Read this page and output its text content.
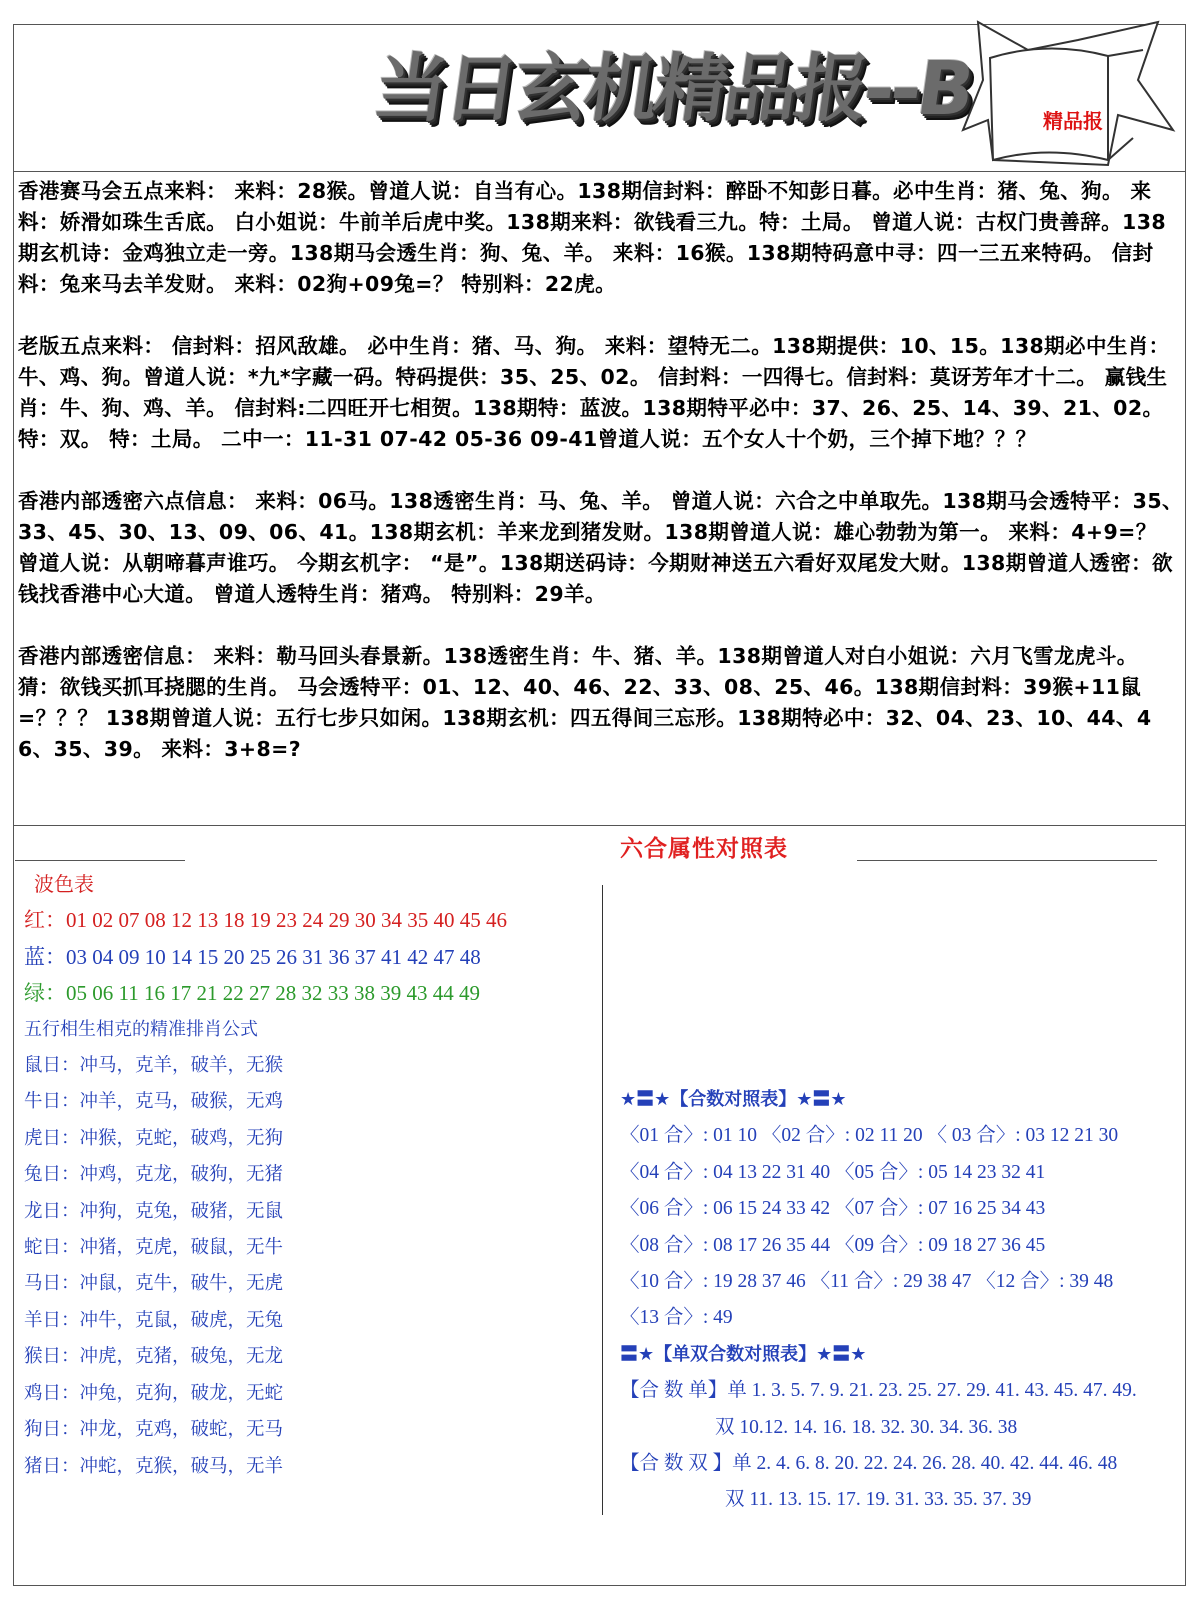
当日玄机精品报--B	精品报

香港赛马会五点来料： 来料：28猴。曾道人说：自当有心。138期信封料：醉卧不知彭日暮。必中生肖：猪、兔、狗。 来料：娇滑如珠生舌底。 白小姐说：牛前羊后虎中奖。138期来料：欲钱看三九。特：土局。 曾道人说：古权门贵善辞。138期玄机诗：金鸡独立走一旁。138期马会透生肖：狗、兔、羊。 来料：16猴。138期特码意中寻：四一三五来特码。 信封料：兔来马去羊发财。 来料：02狗+09兔=？ 特别料：22虎。

老版五点来料： 信封料：招风敌雄。 必中生肖：猪、马、狗。 来料：望特无二。138期提供：10、15。138期必中生肖：牛、鸡、狗。曾道人说：*九*字藏一码。特码提供：35、25、02。 信封料：一四得七。信封料：莫讶芳年才十二。 赢钱生肖：牛、狗、鸡、羊。 信封料:二四旺开七相贺。138期特：蓝波。138期特平必中：37、26、25、14、39、21、02。 特：双。 特：土局。 二中一：11-31 07-42 05-36 09-41曾道人说：五个女人十个奶，三个掉下地？？？

香港内部透密六点信息： 来料：06马。138透密生肖：马、兔、羊。 曾道人说：六合之中单取先。138期马会透特平：35、33、45、30、13、09、06、41。138期玄机：羊来龙到猪发财。138期曾道人说：雄心勃勃为第一。 来料：4+9=？ 曾道人说：从朝啼暮声谁巧。 今期玄机字： “是”。138期送码诗：今期财神送五六看好双尾发大财。138期曾道人透密：欲钱找香港中心大道。 曾道人透特生肖：猪鸡。 特别料：29羊。

香港内部透密信息： 来料：勒马回头春景新。138透密生肖：牛、猪、羊。138期曾道人对白小姐说：六月飞雪龙虎斗。 猜：欲钱买抓耳挠腮的生肖。 马会透特平：01、12、40、46、22、33、08、25、46。138期信封料：39猴+11鼠=？？？ 138期曾道人说：五行七步只如闲。138期玄机：四五得间三忘形。138期特必中：32、04、23、10、44、46、35、39。 来料：3+8=?

六合属性对照表
波色表
红：01 02 07 08 12 13 18 19 23 24 29 30 34 35 40 45 46
蓝：03 04 09 10 14 15 20 25 26 31 36 37 41 42 47 48
绿：05 06 11 16 17 21 22 27 28 32 33 38 39 43 44 49
五行相生相克的精准排肖公式
鼠日：冲马，克羊，破羊，无猴
牛日：冲羊，克马，破猴，无鸡
虎日：冲猴，克蛇，破鸡，无狗
兔日：冲鸡，克龙，破狗，无猪
龙日：冲狗，克兔，破猪，无鼠
蛇日：冲猪，克虎，破鼠，无牛
马日：冲鼠，克牛，破牛，无虎
羊日：冲牛，克鼠，破虎，无兔
猴日：冲虎，克猪，破兔，无龙
鸡日：冲兔，克狗，破龙，无蛇
狗日：冲龙，克鸡，破蛇，无马
猪日：冲蛇，克猴，破马，无羊
★〓★【合数对照表】★〓★
〈01 合〉: 01 10 〈02 合〉: 02 11 20 〈 03 合〉: 03 12 21 30
〈04 合〉: 04 13 22 31 40 〈05 合〉: 05 14 23 32 41
〈06 合〉: 06 15 24 33 42 〈07 合〉: 07 16 25 34 43
〈08 合〉: 08 17 26 35 44 〈09 合〉: 09 18 27 36 45
〈10 合〉: 19 28 37 46 〈11 合〉: 29 38 47 〈12 合〉: 39 48
〈13 合〉: 49
〓★【单双合数对照表】★〓★
【合 数 单】单 1. 3. 5. 7. 9. 21. 23. 25. 27. 29. 41. 43. 45. 47. 49.
双 10.12. 14. 16. 18. 32. 30. 34. 36. 38
【合 数 双 】单 2. 4. 6. 8. 20. 22. 24. 26. 28. 40. 42. 44. 46. 48
双 11. 13. 15. 17. 19. 31. 33. 35. 37. 39
